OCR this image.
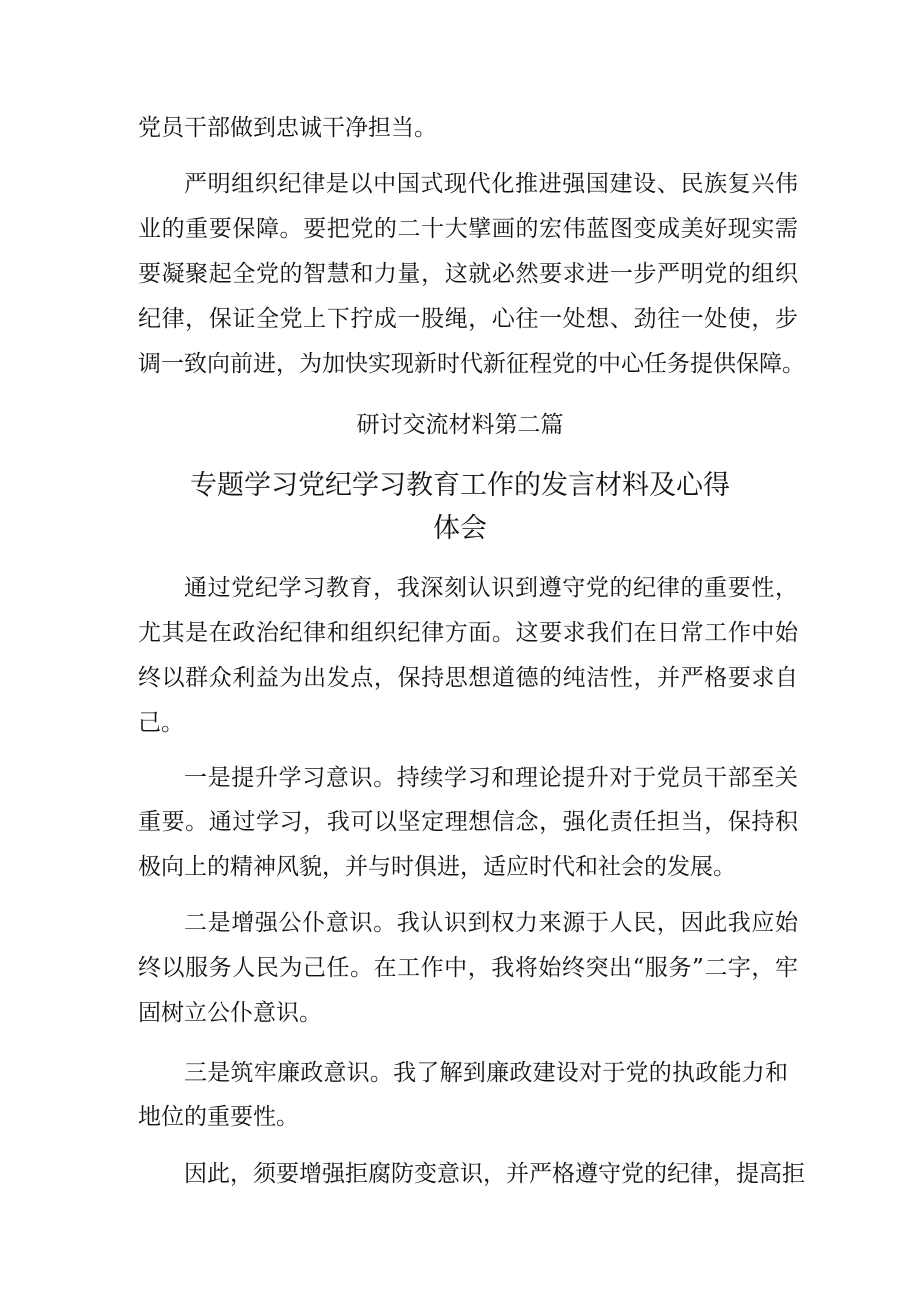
党员干部做到忠诚干净担当。
严明组织纪律是以中国式现代化推进强国建设、民族复兴伟
业的重要保障。要把党的二十大擘画的宏伟蓝图变成美好现实需
要凝聚起全党的智慧和力量，这就必然要求进一步严明党的组织
纪律，保证全党上下拧成一股绳，心往一处想、劲往一处使，步
调一致向前进，为加快实现新时代新征程党的中心任务提供保障。
研讨交流材料第二篇
专题学习党纪学习教育工作的发言材料及心得
体会
通过党纪学习教育，我深刻认识到遵守党的纪律的重要性，
尤其是在政治纪律和组织纪律方面。这要求我们在日常工作中始
终以群众利益为出发点，保持思想道德的纯洁性，并严格要求自
己。
一是提升学习意识。持续学习和理论提升对于党员干部至关
重要。通过学习，我可以坚定理想信念，强化责任担当，保持积
极向上的精神风貌，并与时俱进，适应时代和社会的发展。
二是增强公仆意识。我认识到权力来源于人民，因此我应始
终以服务人民为己任。在工作中，我将始终突出“服务”二字，牢
固树立公仆意识。
三是筑牢廉政意识。我了解到廉政建设对于党的执政能力和
地位的重要性。
因此，须要增强拒腐防变意识，并严格遵守党的纪律，提高拒
